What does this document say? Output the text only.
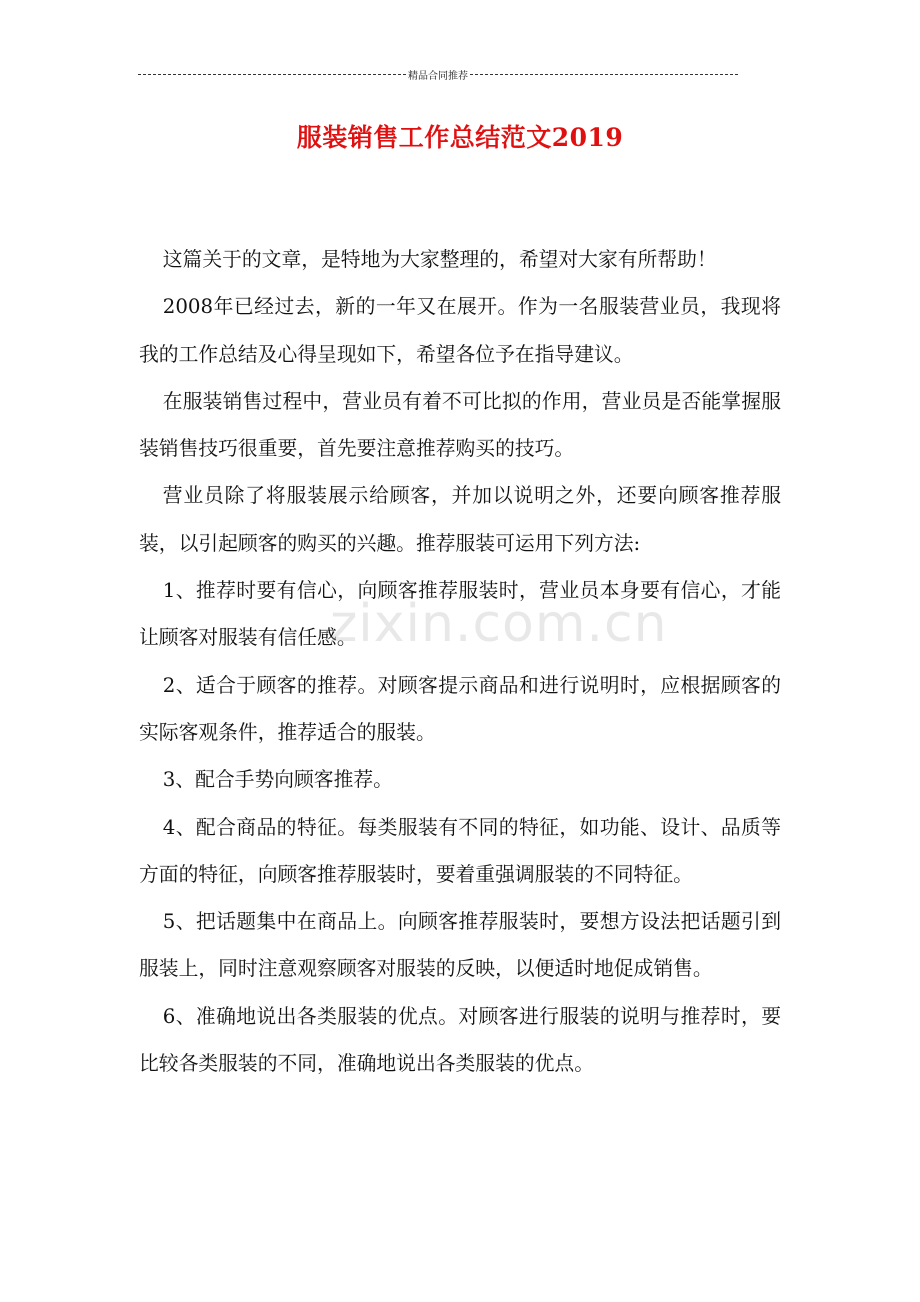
精品合同推荐
服装销售工作总结范文2019

这篇关于的文章，是特地为大家整理的，希望对大家有所帮助！

2008年已经过去，新的一年又在展开。作为一名服装营业员，我现将我的工作总结及心得呈现如下，希望各位予在指导建议。

在服装销售过程中，营业员有着不可比拟的作用，营业员是否能掌握服装销售技巧很重要，首先要注意推荐购买的技巧。

营业员除了将服装展示给顾客，并加以说明之外，还要向顾客推荐服装，以引起顾客的购买的兴趣。推荐服装可运用下列方法:

1、推荐时要有信心，向顾客推荐服装时，营业员本身要有信心，才能让顾客对服装有信任感。

2、适合于顾客的推荐。对顾客提示商品和进行说明时，应根据顾客的实际客观条件，推荐适合的服装。

3、配合手势向顾客推荐。

4、配合商品的特征。每类服装有不同的特征，如功能、设计、品质等方面的特征，向顾客推荐服装时，要着重强调服装的不同特征。

5、把话题集中在商品上。向顾客推荐服装时，要想方设法把话题引到服装上，同时注意观察顾客对服装的反映，以便适时地促成销售。

6、准确地说出各类服装的优点。对顾客进行服装的说明与推荐时，要比较各类服装的不同，准确地说出各类服装的优点。

zixin.com.cn
